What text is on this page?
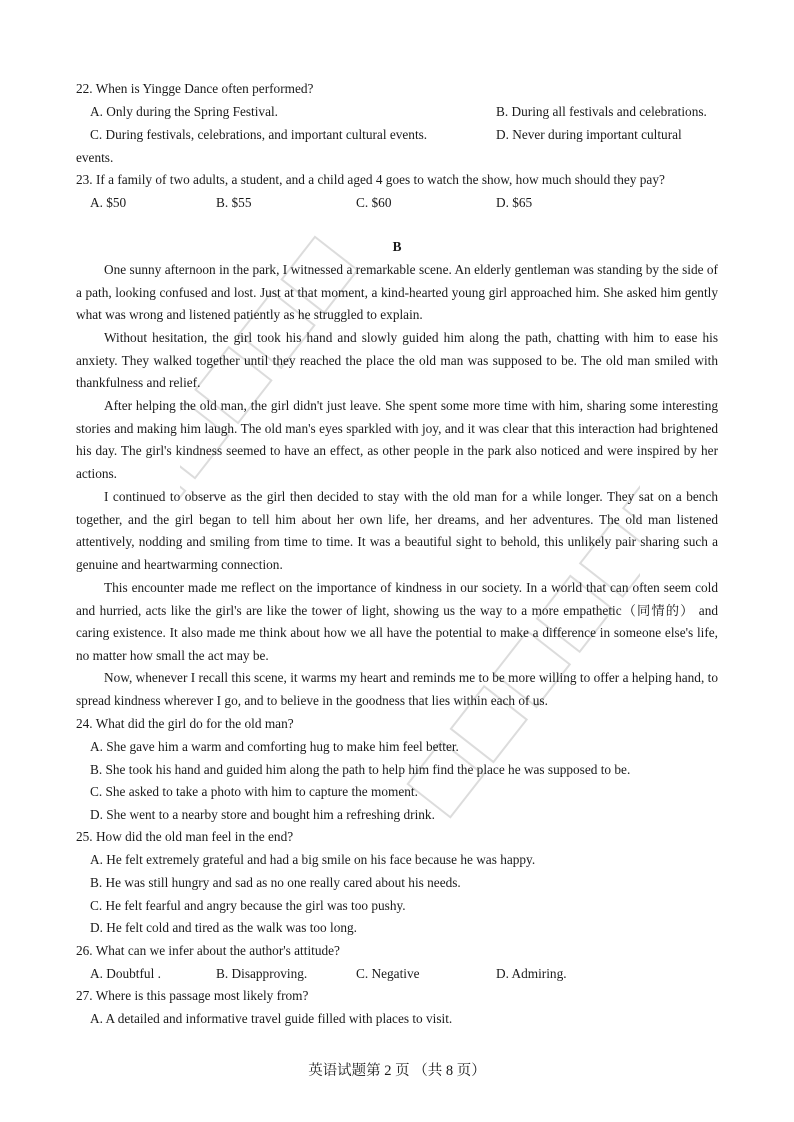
22. When is Yingge Dance often performed?
A. Only during the Spring Festival.	B. During all festivals and celebrations.
C. During festivals, celebrations, and important cultural events.	D. Never during important cultural
events.
23. If a family of two adults, a student, and a child aged 4 goes to watch the show, how much should they pay?
A. $50	B. $55	C. $60	D. $65
B

One sunny afternoon in the park, I witnessed a remarkable scene. An elderly gentleman was standing by the side of a path, looking confused and lost. Just at that moment, a kind-hearted young girl approached him. She asked him gently what was wrong and listened patiently as he struggled to explain.

Without hesitation, the girl took his hand and slowly guided him along the path, chatting with him to ease his anxiety. They walked together until they reached the place the old man was supposed to be. The old man smiled with thankfulness and relief.

After helping the old man, the girl didn't just leave. She spent some more time with him, sharing some interesting stories and making him laugh. The old man's eyes sparkled with joy, and it was clear that this interaction had brightened his day. The girl's kindness seemed to have an effect, as other people in the park also noticed and were inspired by her actions.

I continued to observe as the girl then decided to stay with the old man for a while longer. They sat on a bench together, and the girl began to tell him about her own life, her dreams, and her adventures. The old man listened attentively, nodding and smiling from time to time. It was a beautiful sight to behold, this unlikely pair sharing such a genuine and heartwarming connection.

This encounter made me reflect on the importance of kindness in our society. In a world that can often seem cold and hurried, acts like the girl's are like the tower of light, showing us the way to a more empathetic（同情的） and caring existence. It also made me think about how we all have the potential to make a difference in someone else's life, no matter how small the act may be.

Now, whenever I recall this scene, it warms my heart and reminds me to be more willing to offer a helping hand, to spread kindness wherever I go, and to believe in the goodness that lies within each of us.

24. What did the girl do for the old man?
A. She gave him a warm and comforting hug to make him feel better.
B. She took his hand and guided him along the path to help him find the place he was supposed to be.
C. She asked to take a photo with him to capture the moment.
D. She went to a nearby store and bought him a refreshing drink.
25. How did the old man feel in the end?
A. He felt extremely grateful and had a big smile on his face because he was happy.
B. He was still hungry and sad as no one really cared about his needs.
C. He felt fearful and angry because the girl was too pushy.
D. He felt cold and tired as the walk was too long.
26. What can we infer about the author's attitude?
A. Doubtful .	B. Disapproving.	C. Negative	D. Admiring.
27. Where is this passage most likely from?
A. A detailed and informative travel guide filled with places to visit.
英语试题第 2 页 （共 8 页）
